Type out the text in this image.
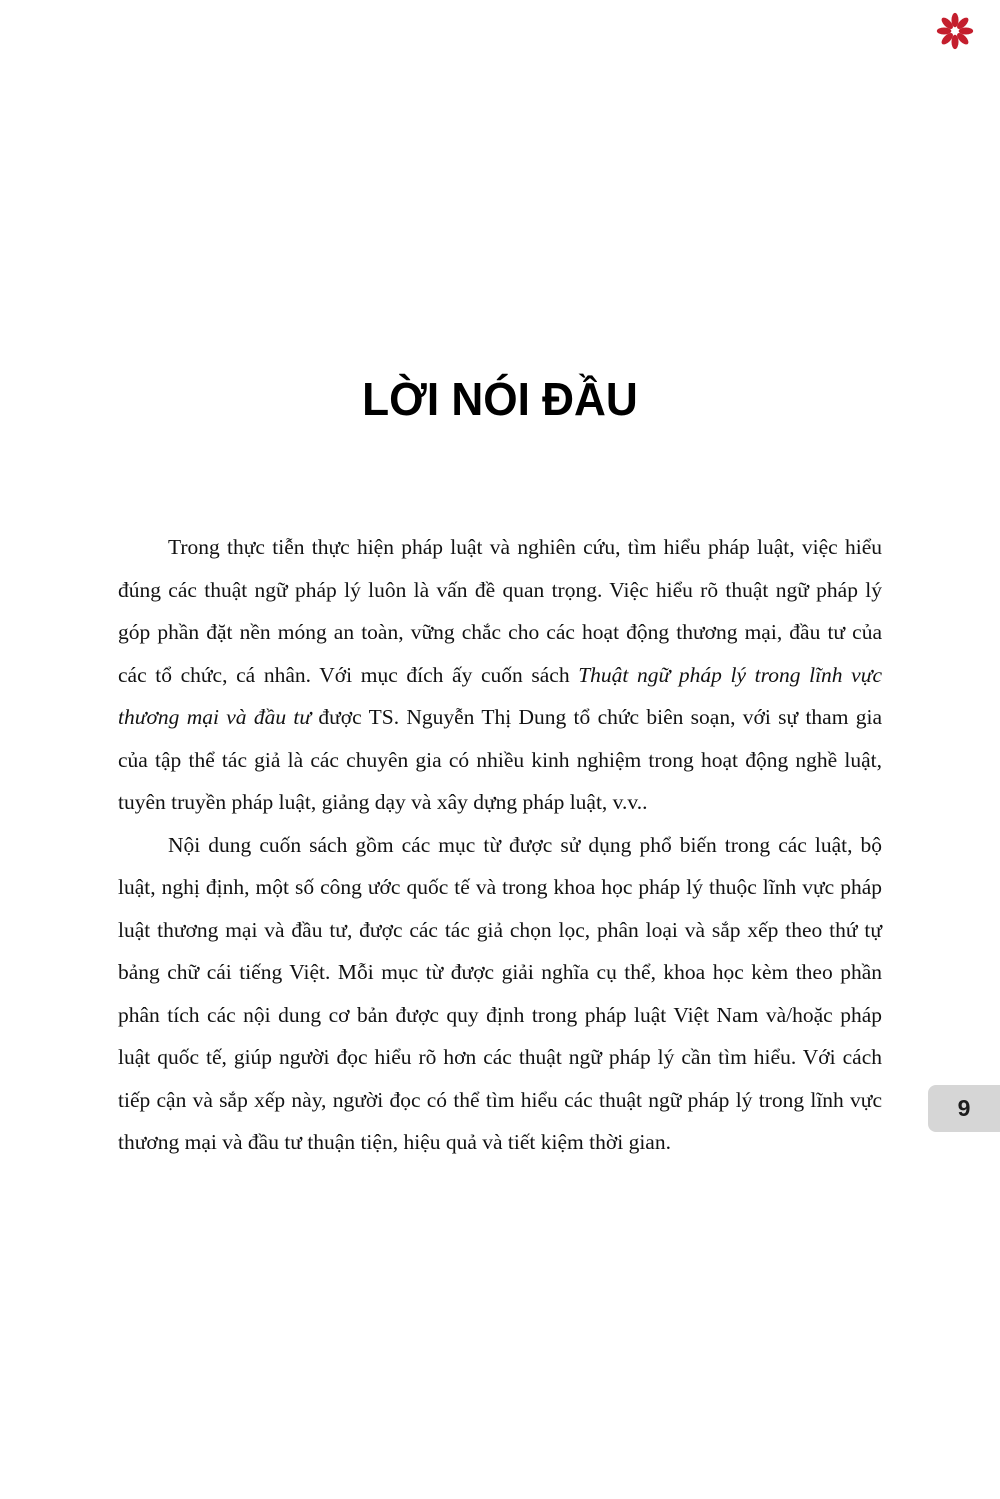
LỜI NÓI ĐẦU

Trong thực tiễn thực hiện pháp luật và nghiên cứu, tìm hiểu pháp luật, việc hiểu đúng các thuật ngữ pháp lý luôn là vấn đề quan trọng. Việc hiểu rõ thuật ngữ pháp lý góp phần đặt nền móng an toàn, vững chắc cho các hoạt động thương mại, đầu tư của các tổ chức, cá nhân. Với mục đích ấy cuốn sách Thuật ngữ pháp lý trong lĩnh vực thương mại và đầu tư được TS. Nguyễn Thị Dung tổ chức biên soạn, với sự tham gia của tập thể tác giả là các chuyên gia có nhiều kinh nghiệm trong hoạt động nghề luật, tuyên truyền pháp luật, giảng dạy và xây dựng pháp luật, v.v..

Nội dung cuốn sách gồm các mục từ được sử dụng phổ biến trong các luật, bộ luật, nghị định, một số công ước quốc tế và trong khoa học pháp lý thuộc lĩnh vực pháp luật thương mại và đầu tư, được các tác giả chọn lọc, phân loại và sắp xếp theo thứ tự bảng chữ cái tiếng Việt. Mỗi mục từ được giải nghĩa cụ thể, khoa học kèm theo phần phân tích các nội dung cơ bản được quy định trong pháp luật Việt Nam và/hoặc pháp luật quốc tế, giúp người đọc hiểu rõ hơn các thuật ngữ pháp lý cần tìm hiểu. Với cách tiếp cận và sắp xếp này, người đọc có thể tìm hiểu các thuật ngữ pháp lý trong lĩnh vực thương mại và đầu tư thuận tiện, hiệu quả và tiết kiệm thời gian.

9
